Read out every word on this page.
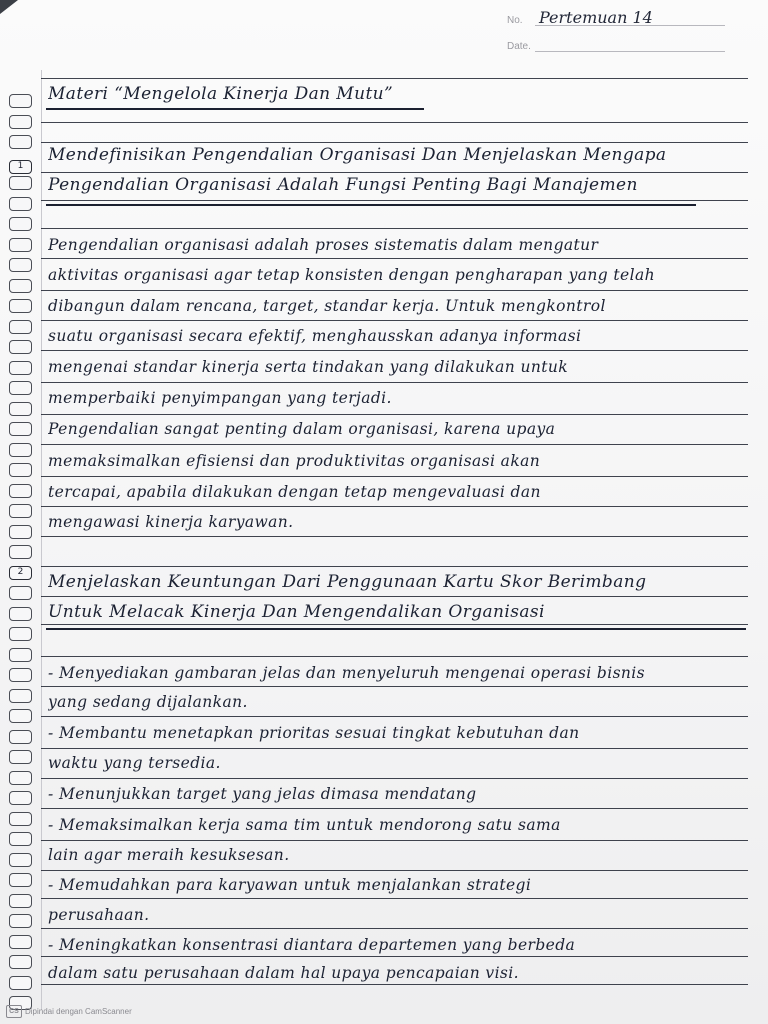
No. Pertemuan 14
Date.
Materi “Mengelola Kinerja Dan Mutu”
1
Mendefinisikan Pengendalian Organisasi Dan Menjelaskan Mengapa
Pengendalian Organisasi Adalah Fungsi Penting Bagi Manajemen
Pengendalian organisasi adalah proses sistematis dalam mengatur
aktivitas organisasi agar tetap konsisten dengan pengharapan yang telah
dibangun dalam rencana, target, standar kerja. Untuk mengkontrol
suatu organisasi secara efektif, menghausskan adanya informasi
mengenai standar kinerja serta tindakan yang dilakukan untuk
memperbaiki penyimpangan yang terjadi.
Pengendalian sangat penting dalam organisasi, karena upaya
memaksimalkan efisiensi dan produktivitas organisasi akan
tercapai, apabila dilakukan dengan tetap mengevaluasi dan
mengawasi kinerja karyawan.
2	Menjelaskan Keuntungan Dari Penggunaan Kartu Skor Berimbang
Untuk Melacak Kinerja Dan Mengendalikan Organisasi
- Menyediakan gambaran jelas dan menyeluruh mengenai operasi bisnis
yang sedang dijalankan.
- Membantu menetapkan prioritas sesuai tingkat kebutuhan dan
waktu yang tersedia.
- Menunjukkan target yang jelas dimasa mendatang
- Memaksimalkan kerja sama tim untuk mendorong satu sama
lain agar meraih kesuksesan.
- Memudahkan para karyawan untuk menjalankan strategi
perusahaan.
- Meningkatkan konsentrasi diantara departemen yang berbeda
dalam satu perusahaan dalam hal upaya pencapaian visi.
CS Dipindai dengan CamScanner
